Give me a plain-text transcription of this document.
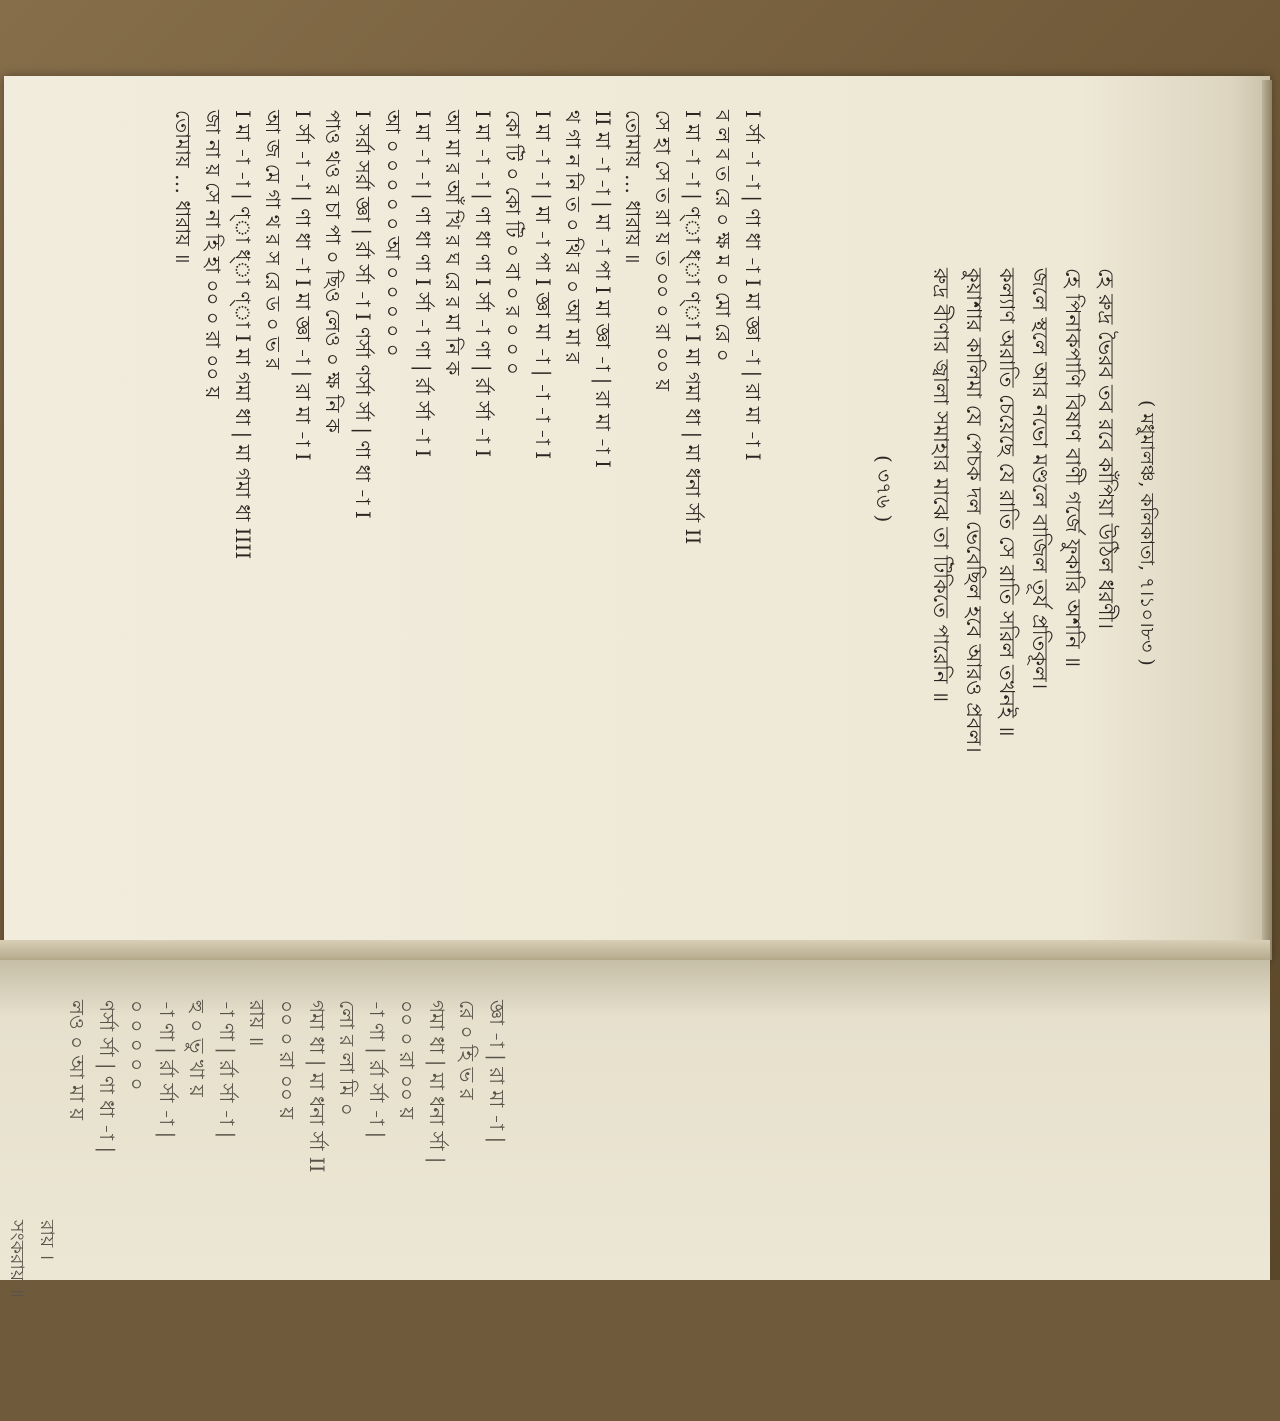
I র্সা -া -া | ণা ধা -া I মা জ্ঞা -া | রা মা -া I
ব ল ব ত রে ০ ক্ষ ম ০ মো রে ০
I মা -া -া | ণ্‌া ধ্‌া ণ্‌া I মা গমা ধা | মা ধনা র্সা II
সে হা সে ত রা য় ত ০০ ০ রা ০০ য়
তোমায় … ধারায় ॥
II মা -া -া | মা -া পা I মা জ্ঞা -া | রা মা -া I
থ গা ন নি ত ০ থি র ০ আ মা র
I মা -া -া | মা -া পা I জ্ঞা মা -া | -া -া -া I
কো টি ০ কো টি ০ বা ০ র ০ ০ ০
I মা -া -া | ণা ধা ণা I র্সা -া ণা | র্রা র্সা -া I
আ মা র আঁ খি র ঘ রে র মা নি ক
I মা -া -া | ণা ধা ণা I র্সা -া ণা | র্রা র্সা -া I
আ ০ ০ ০ ০ ০ আ ০ ০ ০ ০ ০
I সর্রা সর্রা জ্ঞা | র্রা র্সা -া I ণর্সা ণর্সা র্সা | ণা ধা -া I
পাও থও র চা পা ০ ছিও লেও ০ ক্ষ নি ক
I র্সা -া -া | ণা ধা -া I মা জ্ঞা -া | রা মা -া I
আ জ মে গা থ র স রে ড ০ ভ র
I মা -া -া | ণ্‌া ধ্‌া ণ্‌া I মা গমা ধা | মা গমা ধা IIII
জা না য় সে না হি হা ০০ ০ রা ০০ য়
তোমায় … ধারায় ॥
( ৩৭৬ )	হে রুদ্র ভৈরব তব রবে কাঁপিয়া উঠিল ধরণী।
হে পিনাকপাণি বিষাণ বাণী গর্জে ফুকারি অশনি ॥
জলে স্থলে আর নভো মণ্ডলে বাজিল তূর্য প্রতিকূল।
কল্যাণ অরাতি চেয়েছে যে রাতি সে রাতি সরিল তখনই ॥
কুয়াশার কালিমা যে পেচক দল ভেবেছিল হবে আরও প্রবল।
রুদ্র বীণার জ্বালা সমাহার মাঝে তা টিকিতে পারেনি ॥	( মধুমালঞ্চ, কলিকাতা, ৭।১০।৮৩ )
রায় ।
সংকরায় ॥
জ্ঞা -া | রা মা -া |
রে ০ হি ভ র
গমা ধা | মা ধনা র্সা |
০০ ০ রা ০০ য়
-া ণা | র্রা র্সা -া |
লো র লা মি ০
গমা ধা | মা ধনা র্সা II
০০ ০ রা ০০ য়
রায় ॥
-া ণা | র্রা র্সা -া |
হু ০ ভু খা য়
-া ণা | র্রা র্সা -া |
০ ০ ০ ০ ০
ণর্সা র্সা | ণা ধা -া |
লও ০ আ মা য়
